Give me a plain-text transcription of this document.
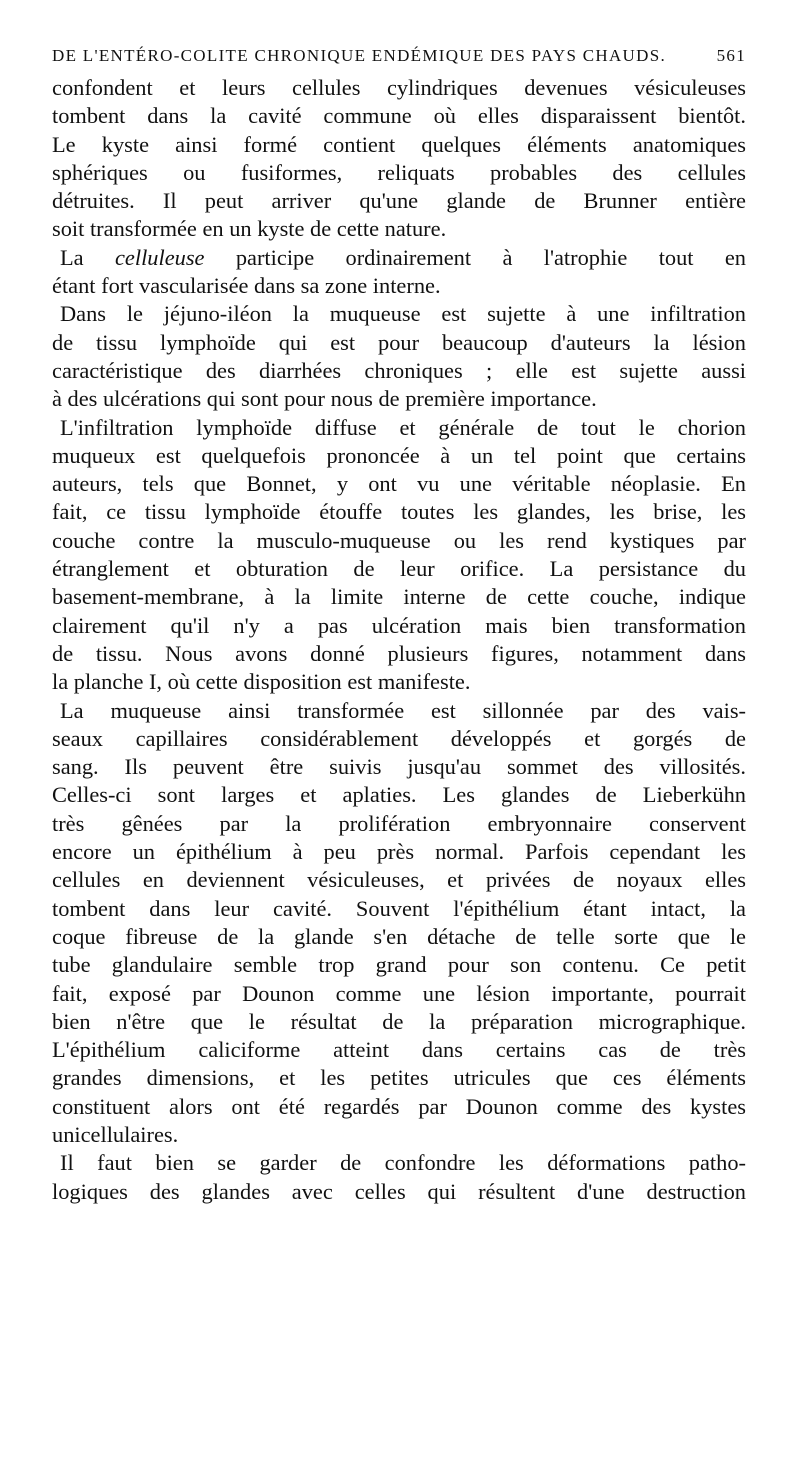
DE L'ENTÉRO-COLITE CHRONIQUE ENDÉMIQUE DES PAYS CHAUDS.	561
confondent et leurs cellules cylindriques devenues vésiculeuses
tombent dans la cavité commune où elles disparaissent bientôt.
Le kyste ainsi formé contient quelques éléments anatomiques
sphériques ou fusiformes, reliquats probables des cellules
détruites. Il peut arriver qu'une glande de Brunner entière
soit transformée en un kyste de cette nature.
La celluleuse participe ordinairement à l'atrophie tout en
étant fort vascularisée dans sa zone interne.
Dans le jéjuno-iléon la muqueuse est sujette à une infiltration
de tissu lymphoïde qui est pour beaucoup d'auteurs la lésion
caractéristique des diarrhées chroniques ; elle est sujette aussi
à des ulcérations qui sont pour nous de première importance.
L'infiltration lymphoïde diffuse et générale de tout le chorion
muqueux est quelquefois prononcée à un tel point que certains
auteurs, tels que Bonnet, y ont vu une véritable néoplasie. En
fait, ce tissu lymphoïde étouffe toutes les glandes, les brise, les
couche contre la musculo-muqueuse ou les rend kystiques par
étranglement et obturation de leur orifice. La persistance du
basement-membrane, à la limite interne de cette couche, indique
clairement qu'il n'y a pas ulcération mais bien transformation
de tissu. Nous avons donné plusieurs figures, notamment dans
la planche I, où cette disposition est manifeste.
La muqueuse ainsi transformée est sillonnée par des vais-
seaux capillaires considérablement développés et gorgés de
sang. Ils peuvent être suivis jusqu'au sommet des villosités.
Celles-ci sont larges et aplaties. Les glandes de Lieberkühn
très gênées par la prolifération embryonnaire conservent
encore un épithélium à peu près normal. Parfois cependant les
cellules en deviennent vésiculeuses, et privées de noyaux elles
tombent dans leur cavité. Souvent l'épithélium étant intact, la
coque fibreuse de la glande s'en détache de telle sorte que le
tube glandulaire semble trop grand pour son contenu. Ce petit
fait, exposé par Dounon comme une lésion importante, pourrait
bien n'être que le résultat de la préparation micrographique.
L'épithélium caliciforme atteint dans certains cas de très
grandes dimensions, et les petites utricules que ces éléments
constituent alors ont été regardés par Dounon comme des kystes
unicellulaires.
Il faut bien se garder de confondre les déformations patho-
logiques des glandes avec celles qui résultent d'une destruction
